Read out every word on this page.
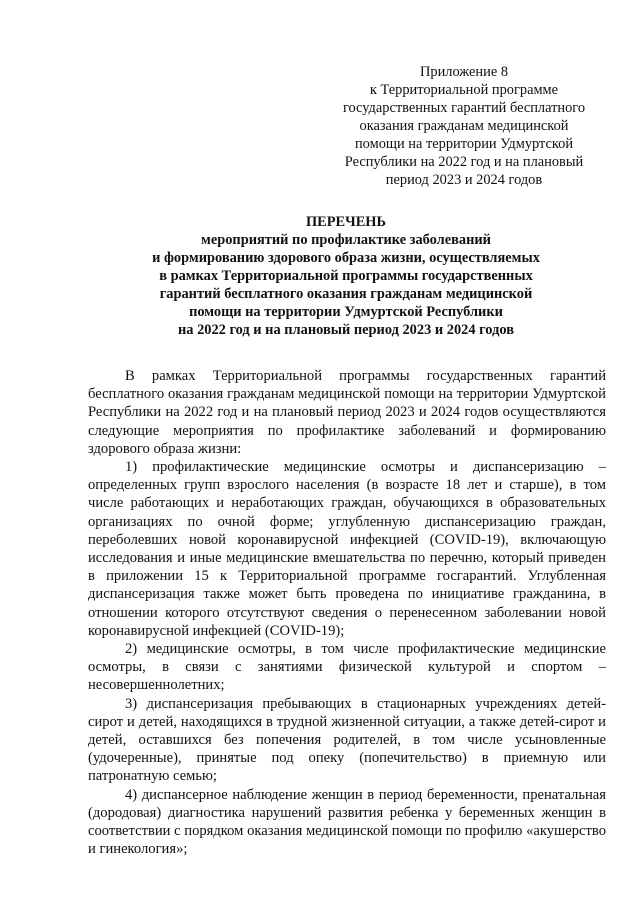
Приложение 8
к Территориальной программе
государственных гарантий бесплатного
оказания гражданам медицинской
помощи на территории Удмуртской
Республики на 2022 год и на плановый
период 2023 и 2024 годов
ПЕРЕЧЕНЬ
мероприятий по профилактике заболеваний
и формированию здорового образа жизни, осуществляемых
в рамках Территориальной программы государственных
гарантий бесплатного оказания гражданам медицинской
помощи на территории Удмуртской Республики
на 2022 год и на плановый период 2023 и 2024 годов

В рамках Территориальной программы государственных гарантий бесплатного оказания гражданам медицинской помощи на территории Удмуртской Республики на 2022 год и на плановый период 2023 и 2024 годов осуществляются следующие мероприятия по профилактике заболеваний и формированию здорового образа жизни:

1) профилактические медицинские осмотры и диспансеризацию – определенных групп взрослого населения (в возрасте 18 лет и старше), в том числе работающих и неработающих граждан, обучающихся в образовательных организациях по очной форме; углубленную диспансеризацию граждан, переболевших новой коронавирусной инфекцией (COVID-19), включающую исследования и иные медицинские вмешательства по перечню, который приведен в приложении 15 к Территориальной программе госгарантий. Углубленная диспансеризация также может быть проведена по инициативе гражданина, в отношении которого отсутствуют сведения о перенесенном заболевании новой коронавирусной инфекцией (COVID-19);

2) медицинские осмотры, в том числе профилактические медицинские осмотры, в связи с занятиями физической культурой и спортом – несовершеннолетних;

3) диспансеризация пребывающих в стационарных учреждениях детей-сирот и детей, находящихся в трудной жизненной ситуации, а также детей-сирот и детей, оставшихся без попечения родителей, в том числе усыновленные (удочеренные), принятые под опеку (попечительство) в приемную или патронатную семью;

4) диспансерное наблюдение женщин в период беременности, пренатальная (дородовая) диагностика нарушений развития ребенка у беременных женщин в соответствии с порядком оказания медицинской помощи по профилю «акушерство и гинекология»;
